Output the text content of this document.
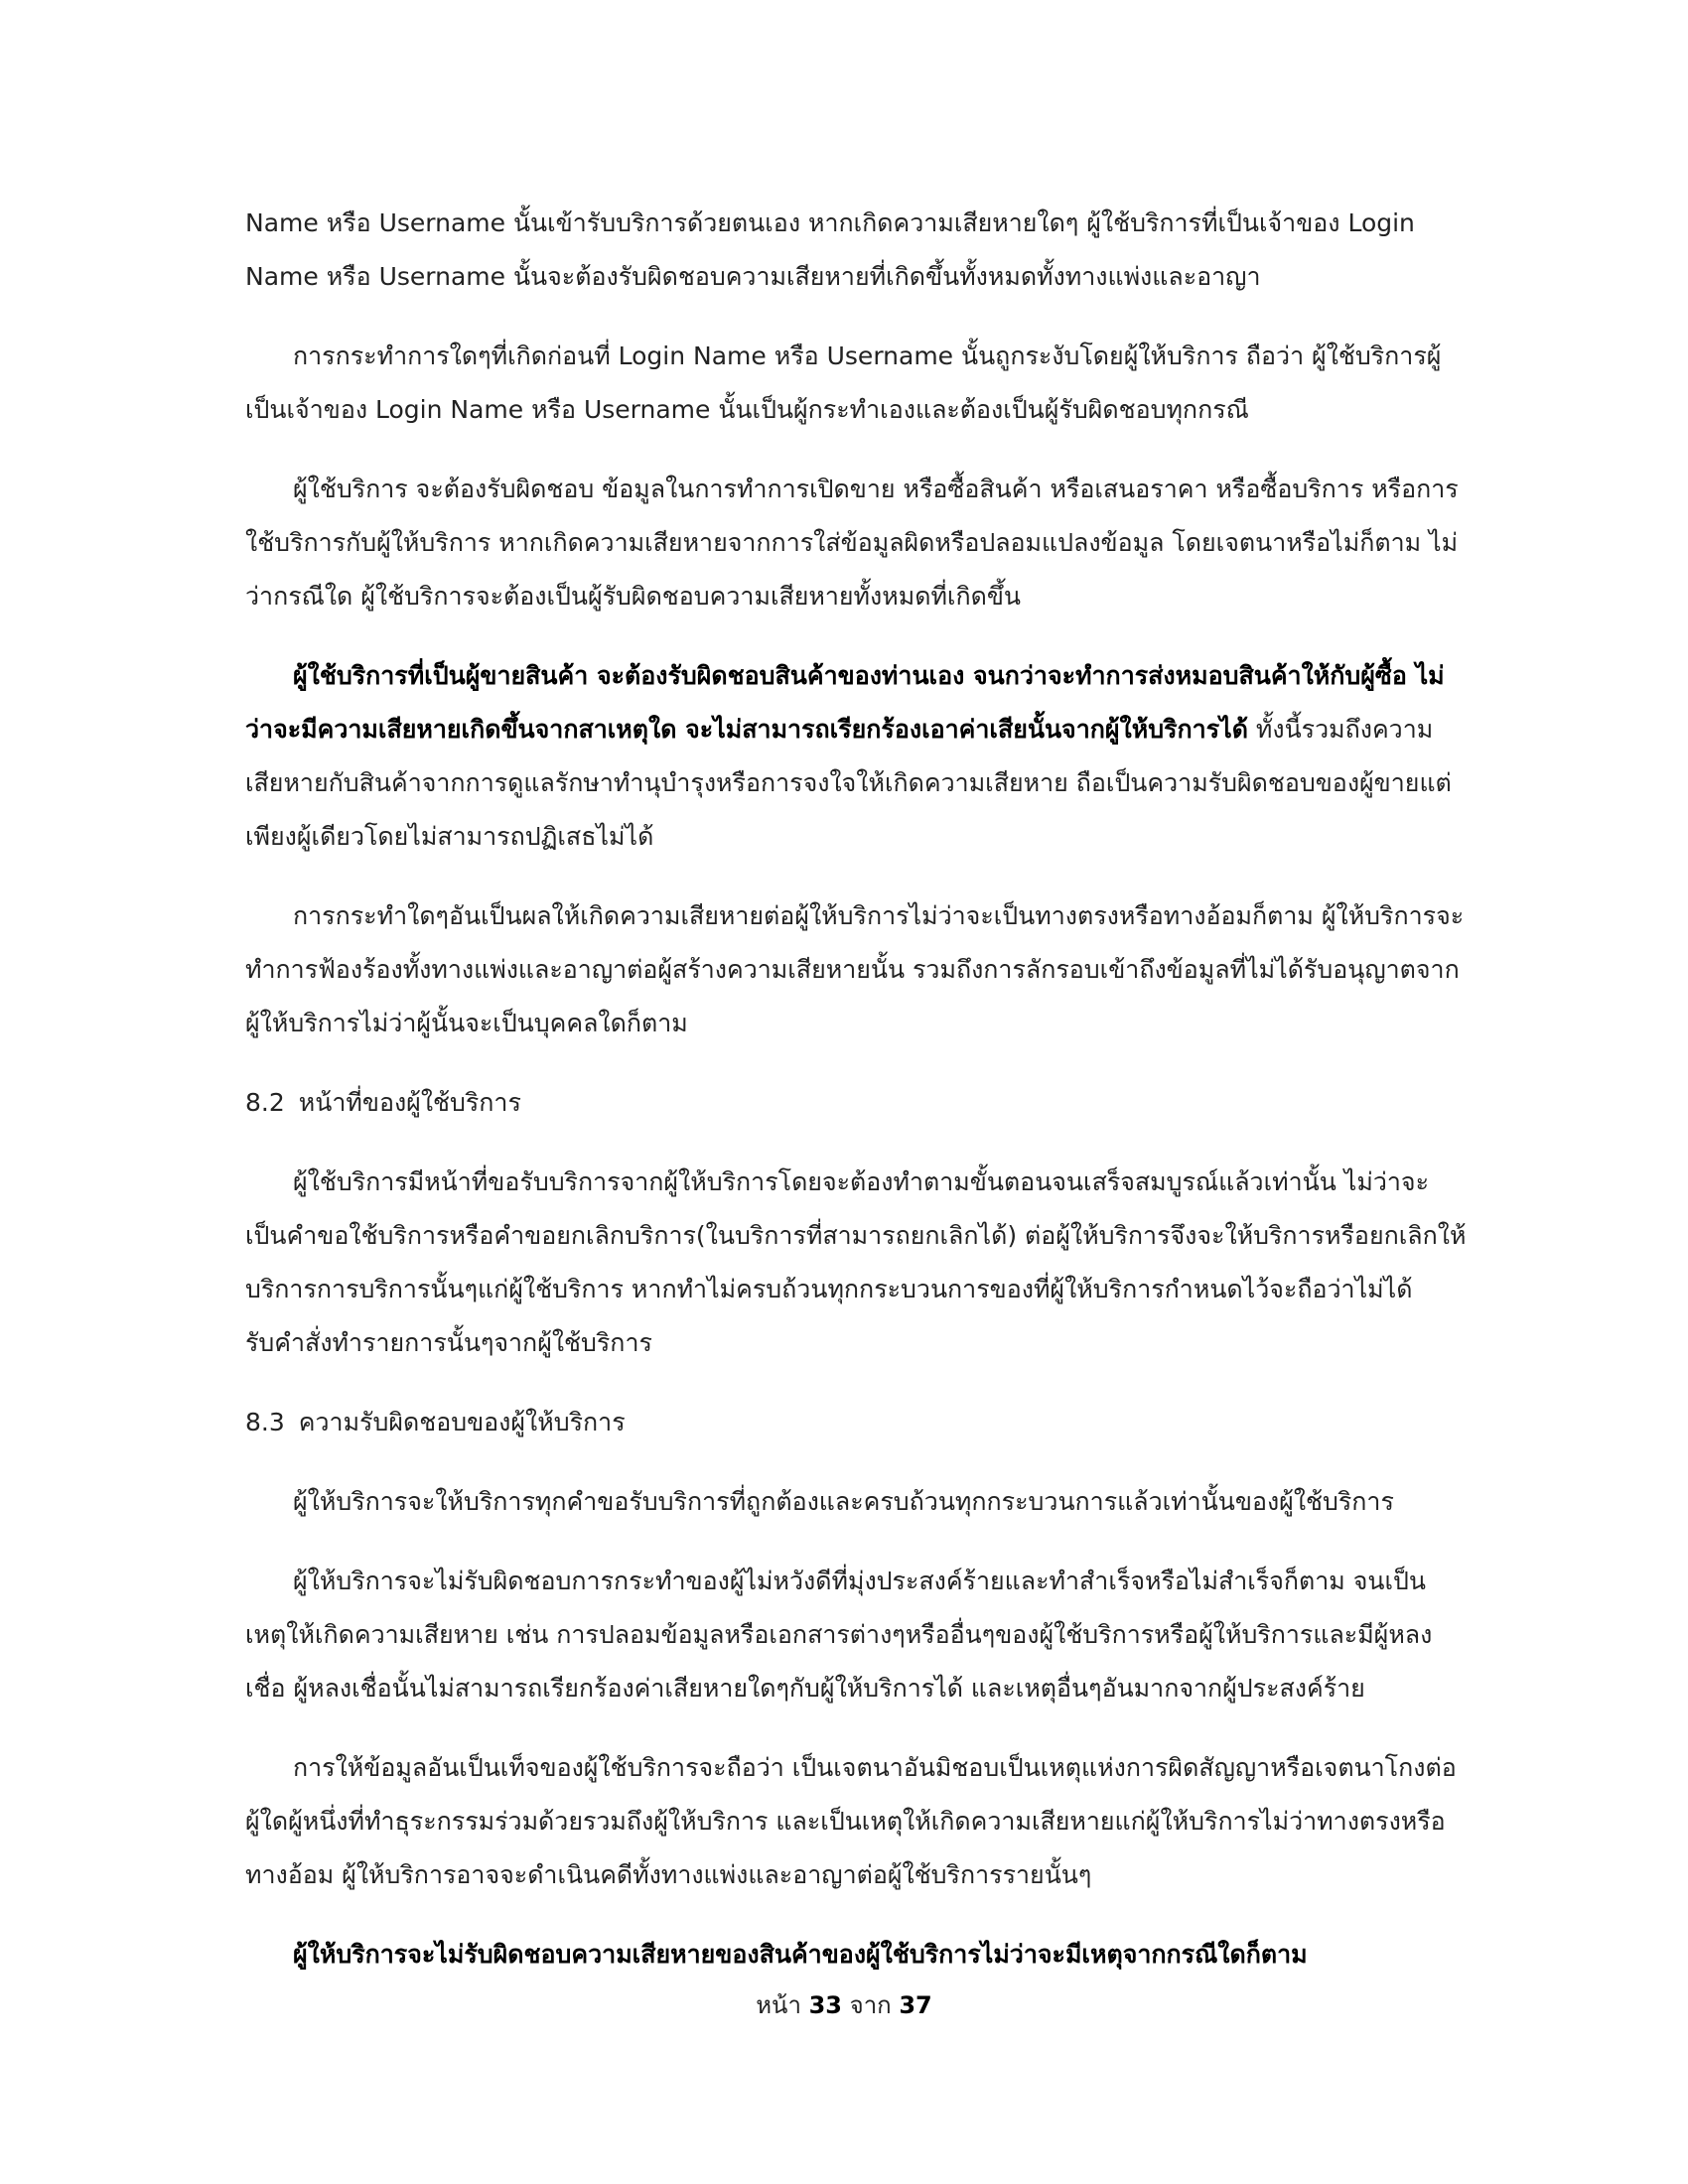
Name หรือ Username นั้นเข้ารับบริการด้วยตนเอง หากเกิดความเสียหายใดๆ ผู้ใช้บริการที่เป็นเจ้าของ Login Name หรือ Username นั้นจะต้องรับผิดชอบความเสียหายที่เกิดขึ้นทั้งหมดทั้งทางแพ่งและอาญา

การกระทำการใดๆที่เกิดก่อนที่ Login Name หรือ Username นั้นถูกระงับโดยผู้ให้บริการ ถือว่า ผู้ใช้บริการผู้เป็นเจ้าของ Login Name หรือ Username นั้นเป็นผู้กระทำเองและต้องเป็นผู้รับผิดชอบทุกกรณี

ผู้ใช้บริการ จะต้องรับผิดชอบ ข้อมูลในการทำการเปิดขาย หรือซื้อสินค้า หรือเสนอราคา หรือซื้อบริการ หรือการใช้บริการกับผู้ให้บริการ หากเกิดความเสียหายจากการใส่ข้อมูลผิดหรือปลอมแปลงข้อมูล โดยเจตนาหรือไม่ก็ตาม ไม่ว่ากรณีใด ผู้ใช้บริการจะต้องเป็นผู้รับผิดชอบความเสียหายทั้งหมดที่เกิดขึ้น

ผู้ใช้บริการที่เป็นผู้ขายสินค้า จะต้องรับผิดชอบสินค้าของท่านเอง จนกว่าจะทำการส่งหมอบสินค้าให้กับผู้ซื้อ ไม่ว่าจะมีความเสียหายเกิดขึ้นจากสาเหตุใด จะไม่สามารถเรียกร้องเอาค่าเสียนั้นจากผู้ให้บริการได้ ทั้งนี้รวมถึงความเสียหายกับสินค้าจากการดูแลรักษาทำนุบำรุงหรือการจงใจให้เกิดความเสียหาย ถือเป็นความรับผิดชอบของผู้ขายแต่เพียงผู้เดียวโดยไม่สามารถปฏิเสธไม่ได้

การกระทำใดๆอันเป็นผลให้เกิดความเสียหายต่อผู้ให้บริการไม่ว่าจะเป็นทางตรงหรือทางอ้อมก็ตาม ผู้ให้บริการจะทำการฟ้องร้องทั้งทางแพ่งและอาญาต่อผู้สร้างความเสียหายนั้น รวมถึงการลักรอบเข้าถึงข้อมูลที่ไม่ได้รับอนุญาตจากผู้ให้บริการไม่ว่าผู้นั้นจะเป็นบุคคลใดก็ตาม

8.2 หน้าที่ของผู้ใช้บริการ

ผู้ใช้บริการมีหน้าที่ขอรับบริการจากผู้ให้บริการโดยจะต้องทำตามขั้นตอนจนเสร็จสมบูรณ์แล้วเท่านั้น ไม่ว่าจะเป็นคำขอใช้บริการหรือคำขอยกเลิกบริการ(ในบริการที่สามารถยกเลิกได้) ต่อผู้ให้บริการจึงจะให้บริการหรือยกเลิกให้บริการการบริการนั้นๆแก่ผู้ใช้บริการ หากทำไม่ครบถ้วนทุกกระบวนการของที่ผู้ให้บริการกำหนดไว้จะถือว่าไม่ได้รับคำสั่งทำรายการนั้นๆจากผู้ใช้บริการ

8.3 ความรับผิดชอบของผู้ให้บริการ

ผู้ให้บริการจะให้บริการทุกคำขอรับบริการที่ถูกต้องและครบถ้วนทุกกระบวนการแล้วเท่านั้นของผู้ใช้บริการ

ผู้ให้บริการจะไม่รับผิดชอบการกระทำของผู้ไม่หวังดีที่มุ่งประสงค์ร้ายและทำสำเร็จหรือไม่สำเร็จก็ตาม จนเป็นเหตุให้เกิดความเสียหาย เช่น การปลอมข้อมูลหรือเอกสารต่างๆหรืออื่นๆของผู้ใช้บริการหรือผู้ให้บริการและมีผู้หลงเชื่อ ผู้หลงเชื่อนั้นไม่สามารถเรียกร้องค่าเสียหายใดๆกับผู้ให้บริการได้ และเหตุอื่นๆอันมากจากผู้ประสงค์ร้าย

การให้ข้อมูลอันเป็นเท็จของผู้ใช้บริการจะถือว่า เป็นเจตนาอันมิชอบเป็นเหตุแห่งการผิดสัญญาหรือเจตนาโกงต่อผู้ใดผู้หนึ่งที่ทำธุระกรรมร่วมด้วยรวมถึงผู้ให้บริการ และเป็นเหตุให้เกิดความเสียหายแก่ผู้ให้บริการไม่ว่าทางตรงหรือทางอ้อม ผู้ให้บริการอาจจะดำเนินคดีทั้งทางแพ่งและอาญาต่อผู้ใช้บริการรายนั้นๆ

ผู้ให้บริการจะไม่รับผิดชอบความเสียหายของสินค้าของผู้ใช้บริการไม่ว่าจะมีเหตุจากกรณีใดก็ตาม

หน้า 33 จาก 37
